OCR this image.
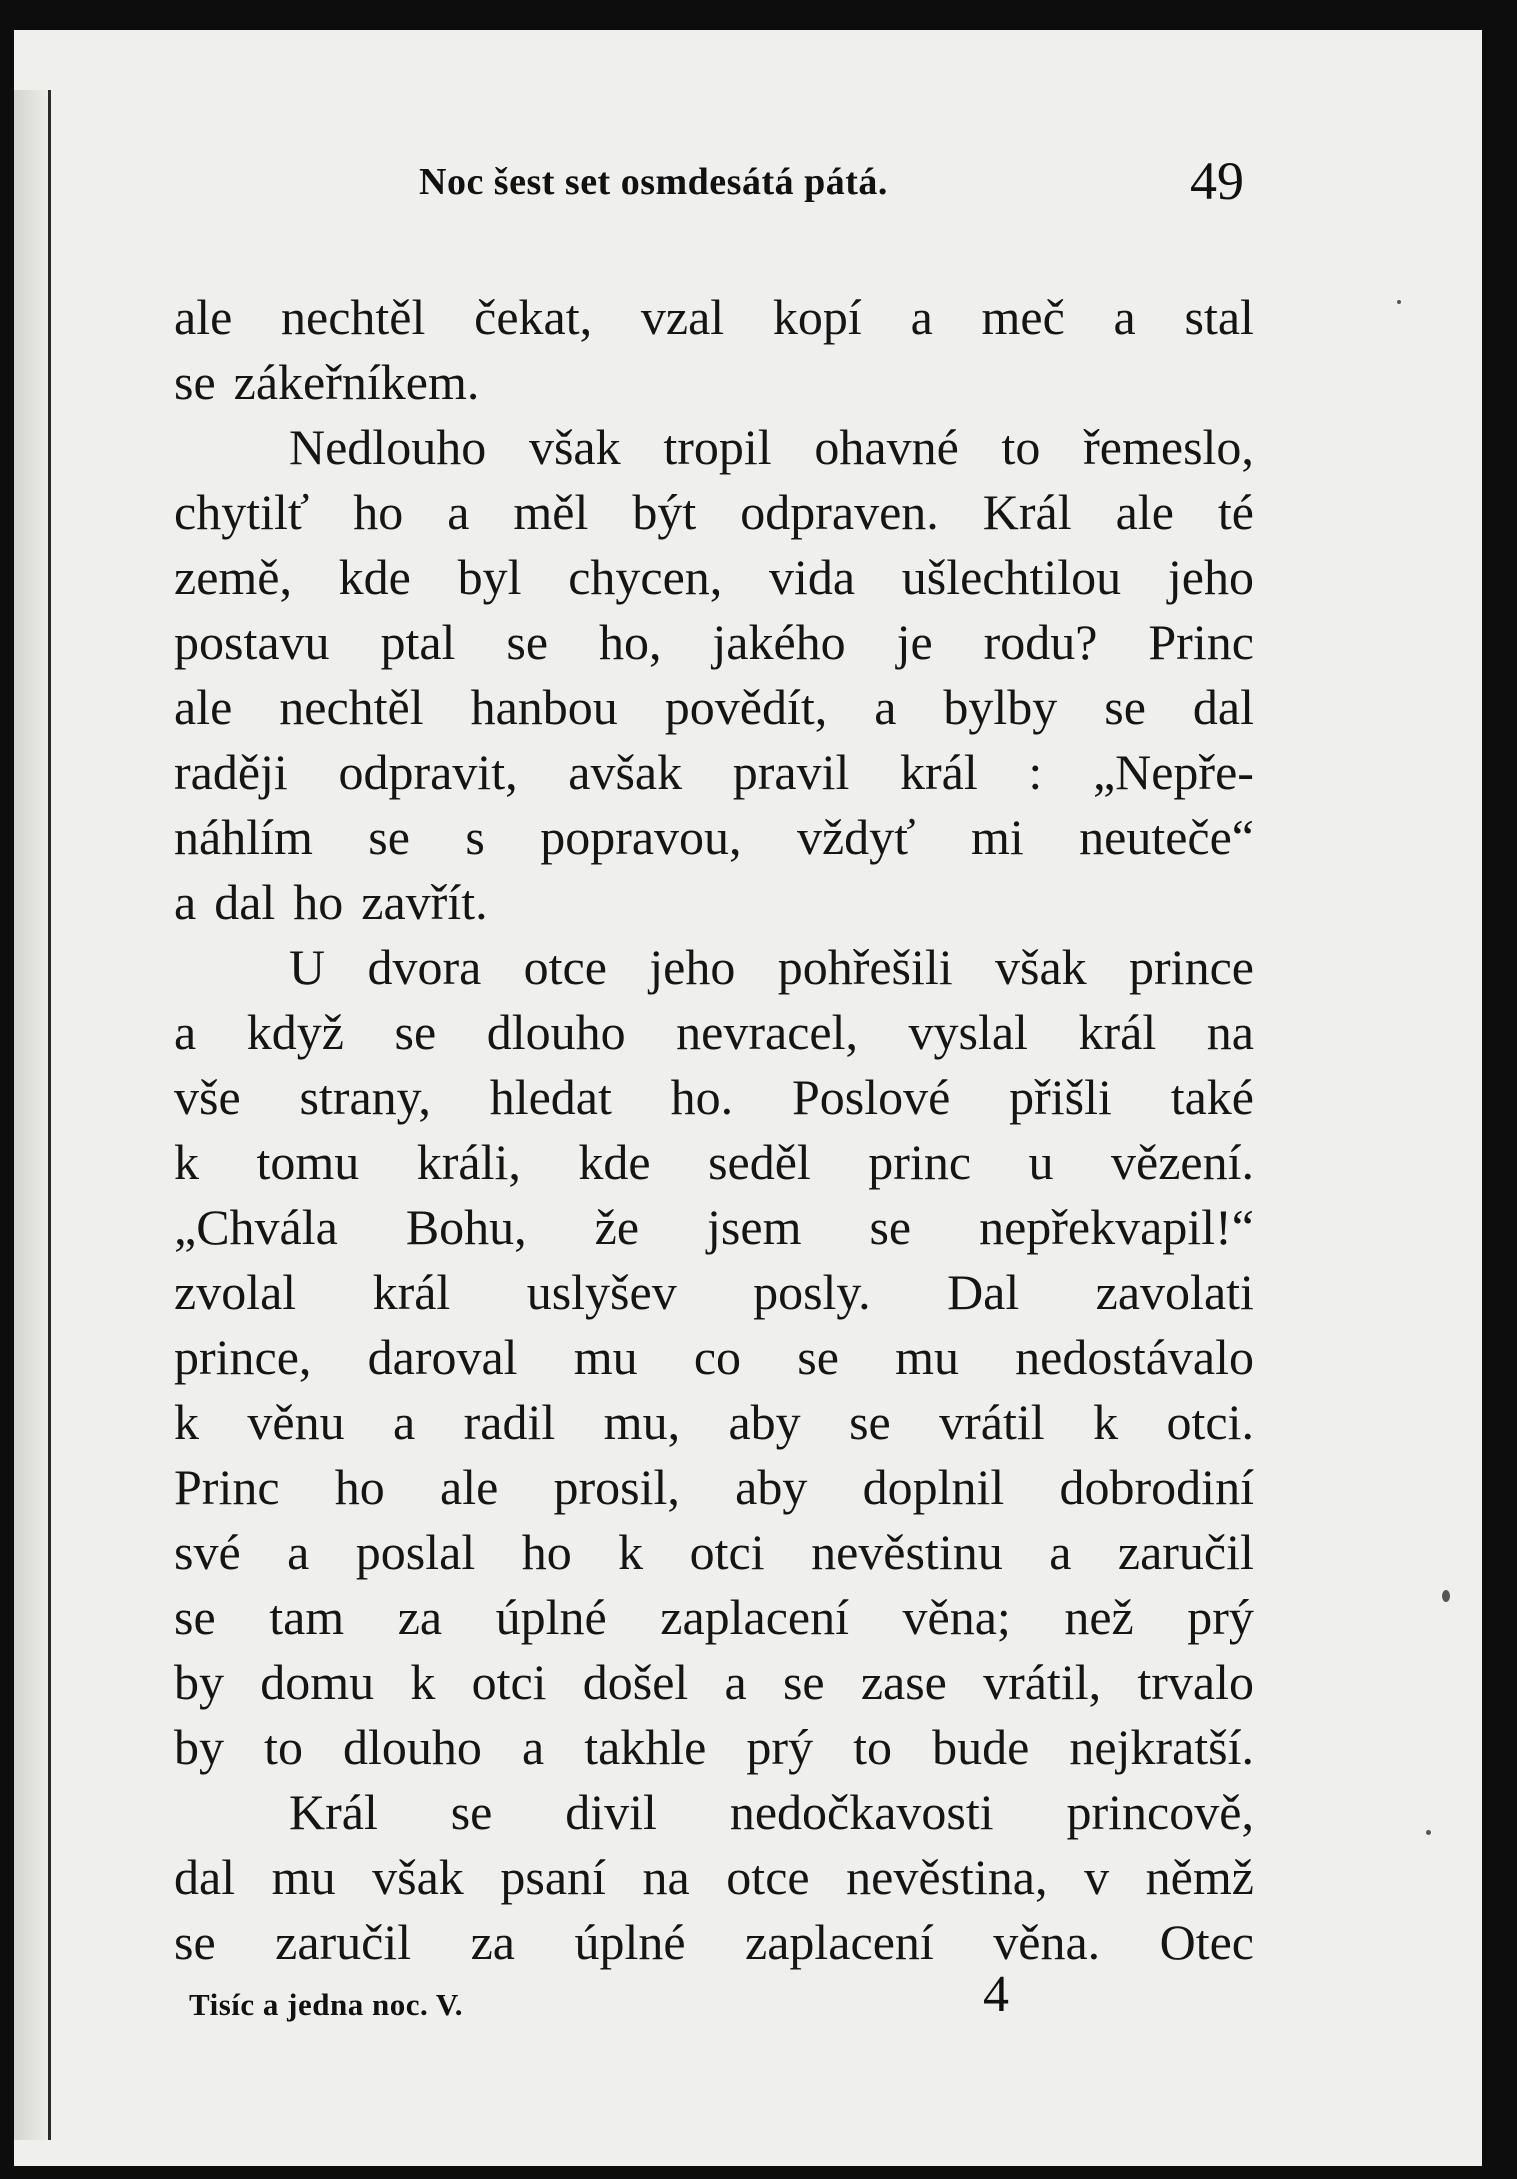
Noc šest set osmdesátá pátá.	49
ale nechtěl čekat, vzal kopí a meč a stal
se zákeřníkem.
Nedlouho však tropil ohavné to řemeslo,
chytilť ho a měl být odpraven. Král ale té
země, kde byl chycen, vida ušlechtilou jeho
postavu ptal se ho, jakého je rodu? Princ
ale nechtěl hanbou povědít, a bylby se dal
raději odpravit, avšak pravil král : „Nepře-
náhlím se s popravou, vždyť mi neuteče“
a dal ho zavřít.
U dvora otce jeho pohřešili však prince
a když se dlouho nevracel, vyslal král na
vše strany, hledat ho. Poslové přišli také
k tomu králi, kde seděl princ u vězení.
„Chvála Bohu, že jsem se nepřekvapil!“
zvolal král uslyšev posly. Dal zavolati
prince, daroval mu co se mu nedostávalo
k věnu a radil mu, aby se vrátil k otci.
Princ ho ale prosil, aby doplnil dobrodiní
své a poslal ho k otci nevěstinu a zaručil
se tam za úplné zaplacení věna; než prý
by domu k otci došel a se zase vrátil, trvalo
by to dlouho a takhle prý to bude nejkratší.
Král se divil nedočkavosti princově,
dal mu však psaní na otce nevěstina, v němž
se zaručil za úplné zaplacení věna. Otec
Tisíc a jedna noc. V.	4
